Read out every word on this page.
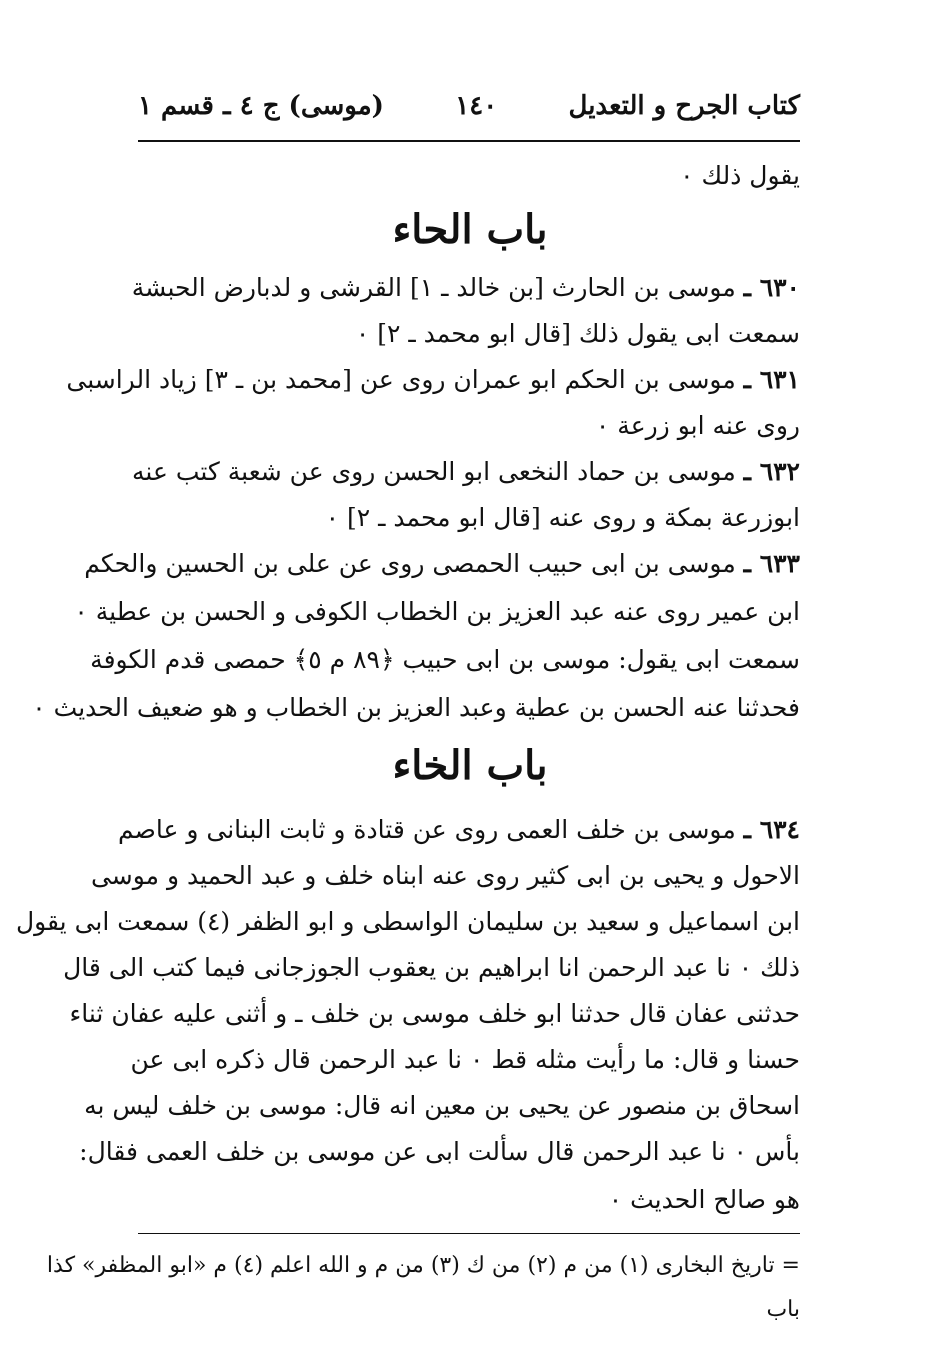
كتاب الجرح و التعديل
١٤٠
(موسى) ج ٤ ـ قسم ١
يقول ذلك ٠
باب الحاء
٦٣٠ ـ موسى بن الحارث [بن خالد ـ ١] القرشى و لدبارض الحبشة
سمعت ابى يقول ذلك [قال ابو محمد ـ ٢] ٠
٦٣١ ـ موسى بن الحكم ابو عمران روى عن [محمد بن ـ ٣] زياد الراسبى
روى عنه ابو زرعة ٠
٦٣٢ ـ موسى بن حماد النخعى ابو الحسن روى عن شعبة كتب عنه
ابوزرعة بمكة و روى عنه [قال ابو محمد ـ ٢] ٠
٦٣٣ ـ موسى بن ابى حبيب الحمصى روى عن على بن الحسين والحكم
ابن عمير روى عنه عبد العزيز بن الخطاب الكوفى و الحسن بن عطية ٠
سمعت ابى يقول: موسى بن ابى حبيب ﴿٨٩ م ٥﴾ حمصى قدم الكوفة
فحدثنا عنه الحسن بن عطية وعبد العزيز بن الخطاب و هو ضعيف الحديث ٠
باب الخاء
٦٣٤ ـ موسى بن خلف العمى روى عن قتادة و ثابت البنانى و عاصم
الاحول و يحيى بن ابى كثير روى عنه ابناه خلف و عبد الحميد و موسى
ابن اسماعيل و سعيد بن سليمان الواسطى و ابو الظفر (٤) سمعت ابى يقول
ذلك ٠ نا عبد الرحمن انا ابراهيم بن يعقوب الجوزجانى فيما كتب الى قال
حدثنى عفان قال حدثنا ابو خلف موسى بن خلف ـ و أثنى عليه عفان ثناء
حسنا و قال: ما رأيت مثله قط ٠ نا عبد الرحمن قال ذكره ابى عن
اسحاق بن منصور عن يحيى بن معين انه قال: موسى بن خلف ليس به
بأس ٠ نا عبد الرحمن قال سألت ابى عن موسى بن خلف العمى فقال:
هو صالح الحديث ٠
= تاريخ البخارى (١) من م (٢) من ك (٣) من م و الله اعلم (٤) م «ابو المظفر» كذا
باب
